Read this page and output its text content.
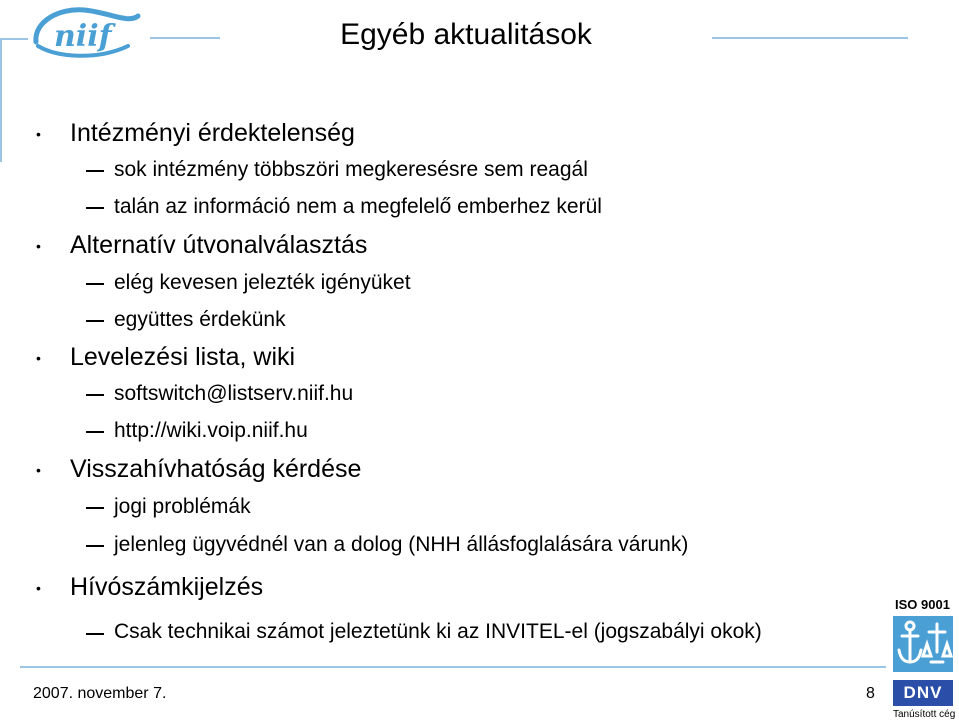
niif	Egyéb aktualitások
• Intézményi érdektelenség
sok intézmény többszöri megkeresésre sem reagál
talán az információ nem a megfelelő emberhez kerül
• Alternatív útvonalválasztás
elég kevesen jelezték igényüket
együttes érdekünk
• Levelezési lista, wiki
softswitch@listserv.niif.hu
http://wiki.voip.niif.hu
• Visszahívhatóság kérdése
jogi problémák
jelenleg ügyvédnél van a dolog (NHH állásfoglalására várunk)
• Hívószámkijelzés
Csak technikai számot jeleztetünk ki az INVITEL-el (jogszabályi okok)
2007. november 7.	8
ISO 9001
DNV
Tanúsított cég
